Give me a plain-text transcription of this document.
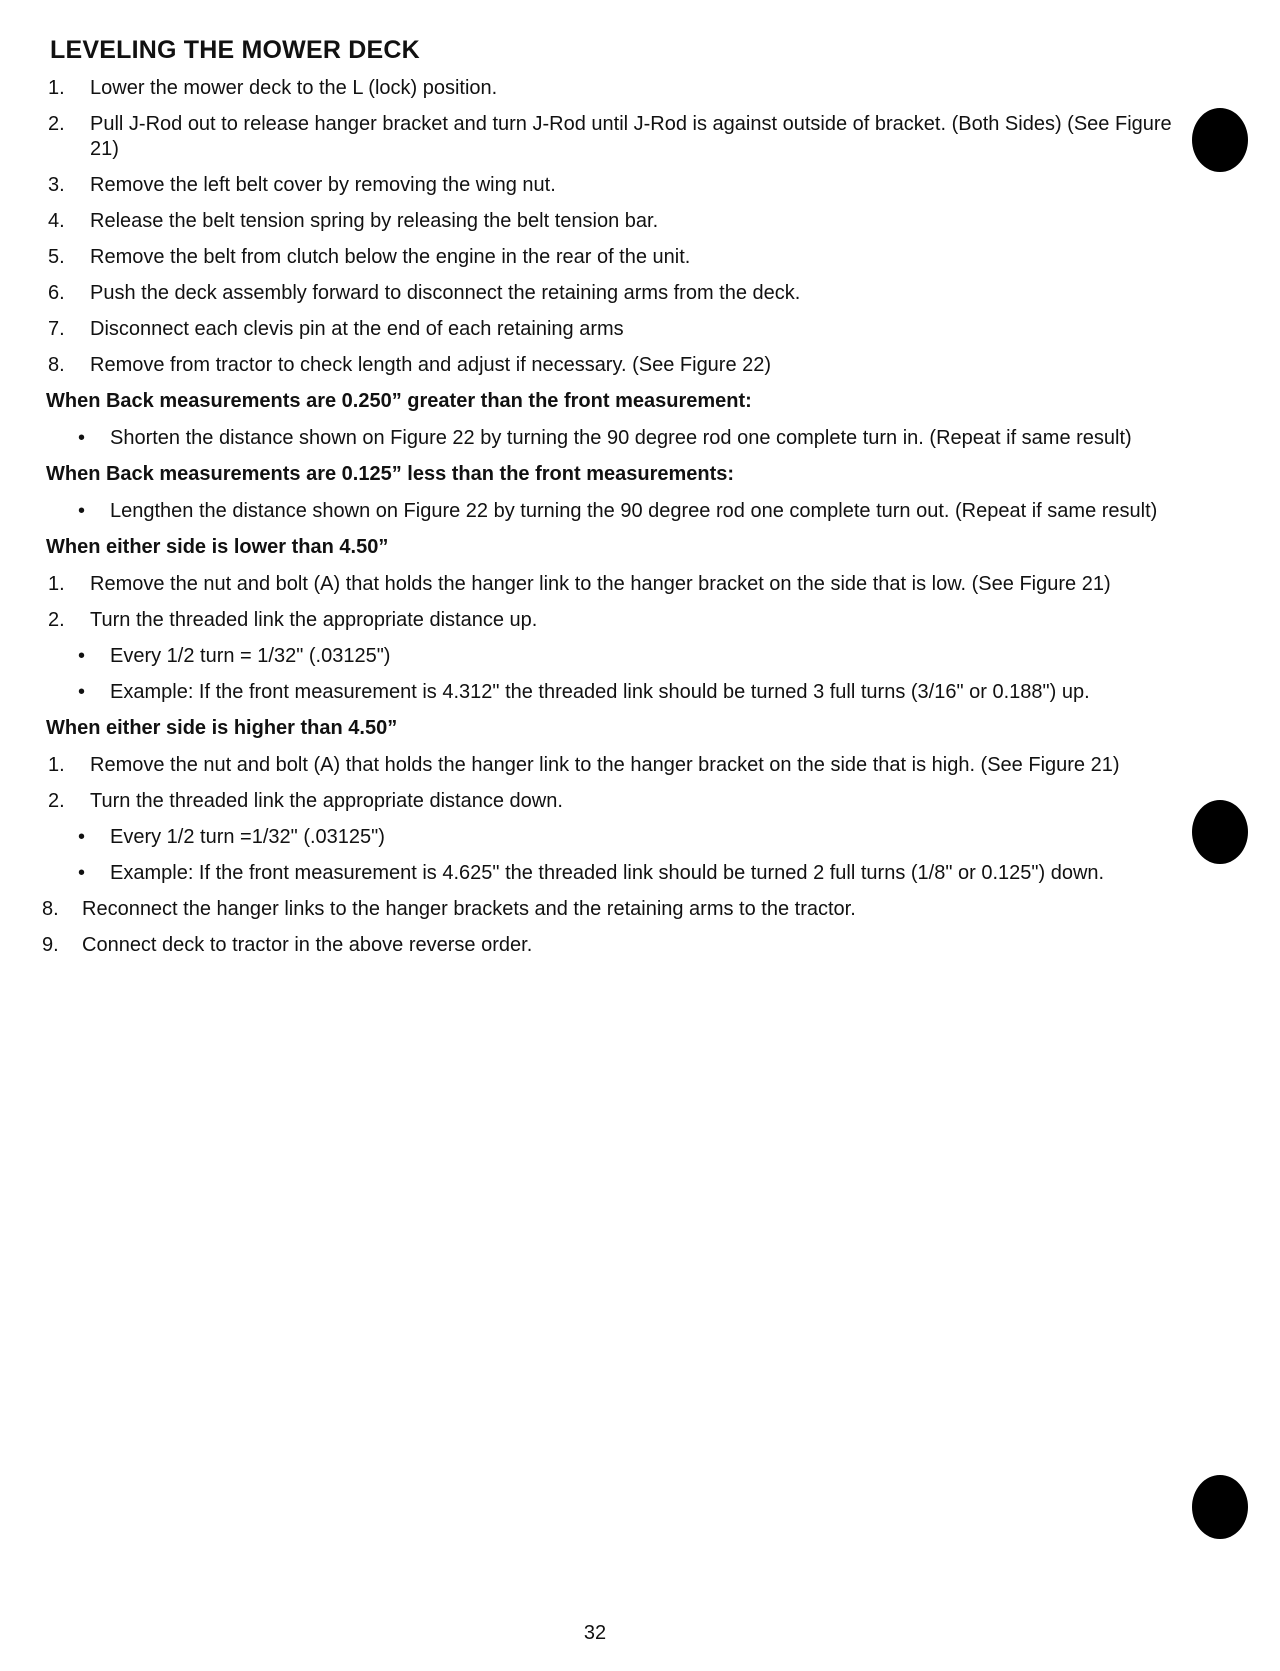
LEVELING THE MOWER DECK
1. Lower the mower deck to the L (lock) position.
2. Pull J-Rod out to release hanger bracket and turn J-Rod until J-Rod is against outside of bracket. (Both Sides) (See Figure 21)
3. Remove the left belt cover by removing the wing nut.
4. Release the belt tension spring by releasing the belt tension bar.
5. Remove the belt from clutch below the engine in the rear of the unit.
6. Push the deck assembly forward to disconnect the retaining arms from the deck.
7. Disconnect each clevis pin at the end of each retaining arms
8. Remove from tractor to check length and adjust if necessary. (See Figure 22)
When Back measurements are 0.250” greater than the front measurement:
• Shorten the distance shown on Figure 22 by turning the 90 degree rod one complete turn in. (Repeat if same result)
When Back measurements are 0.125” less than the front measurements:
• Lengthen the distance shown on Figure 22 by turning the 90 degree rod one complete turn out. (Repeat if same result)
When either side is lower than 4.50”
1. Remove the nut and bolt (A) that holds the hanger link to the hanger bracket on the side that is low. (See Figure 21)
2. Turn the threaded link the appropriate distance up.
• Every 1/2 turn = 1/32" (.03125")
• Example: If the front measurement is 4.312" the threaded link should be turned 3 full turns (3/16" or 0.188") up.
When either side is higher than 4.50”
1. Remove the nut and bolt (A) that holds the hanger link to the hanger bracket on the side that is high. (See Figure 21)
2. Turn the threaded link the appropriate distance down.
• Every 1/2 turn =1/32" (.03125")
• Example: If the front measurement is 4.625" the threaded link should be turned 2 full turns (1/8" or 0.125") down.
8. Reconnect the hanger links to the hanger brackets and the retaining arms to the tractor.
9. Connect deck to tractor in the above reverse order.
32
